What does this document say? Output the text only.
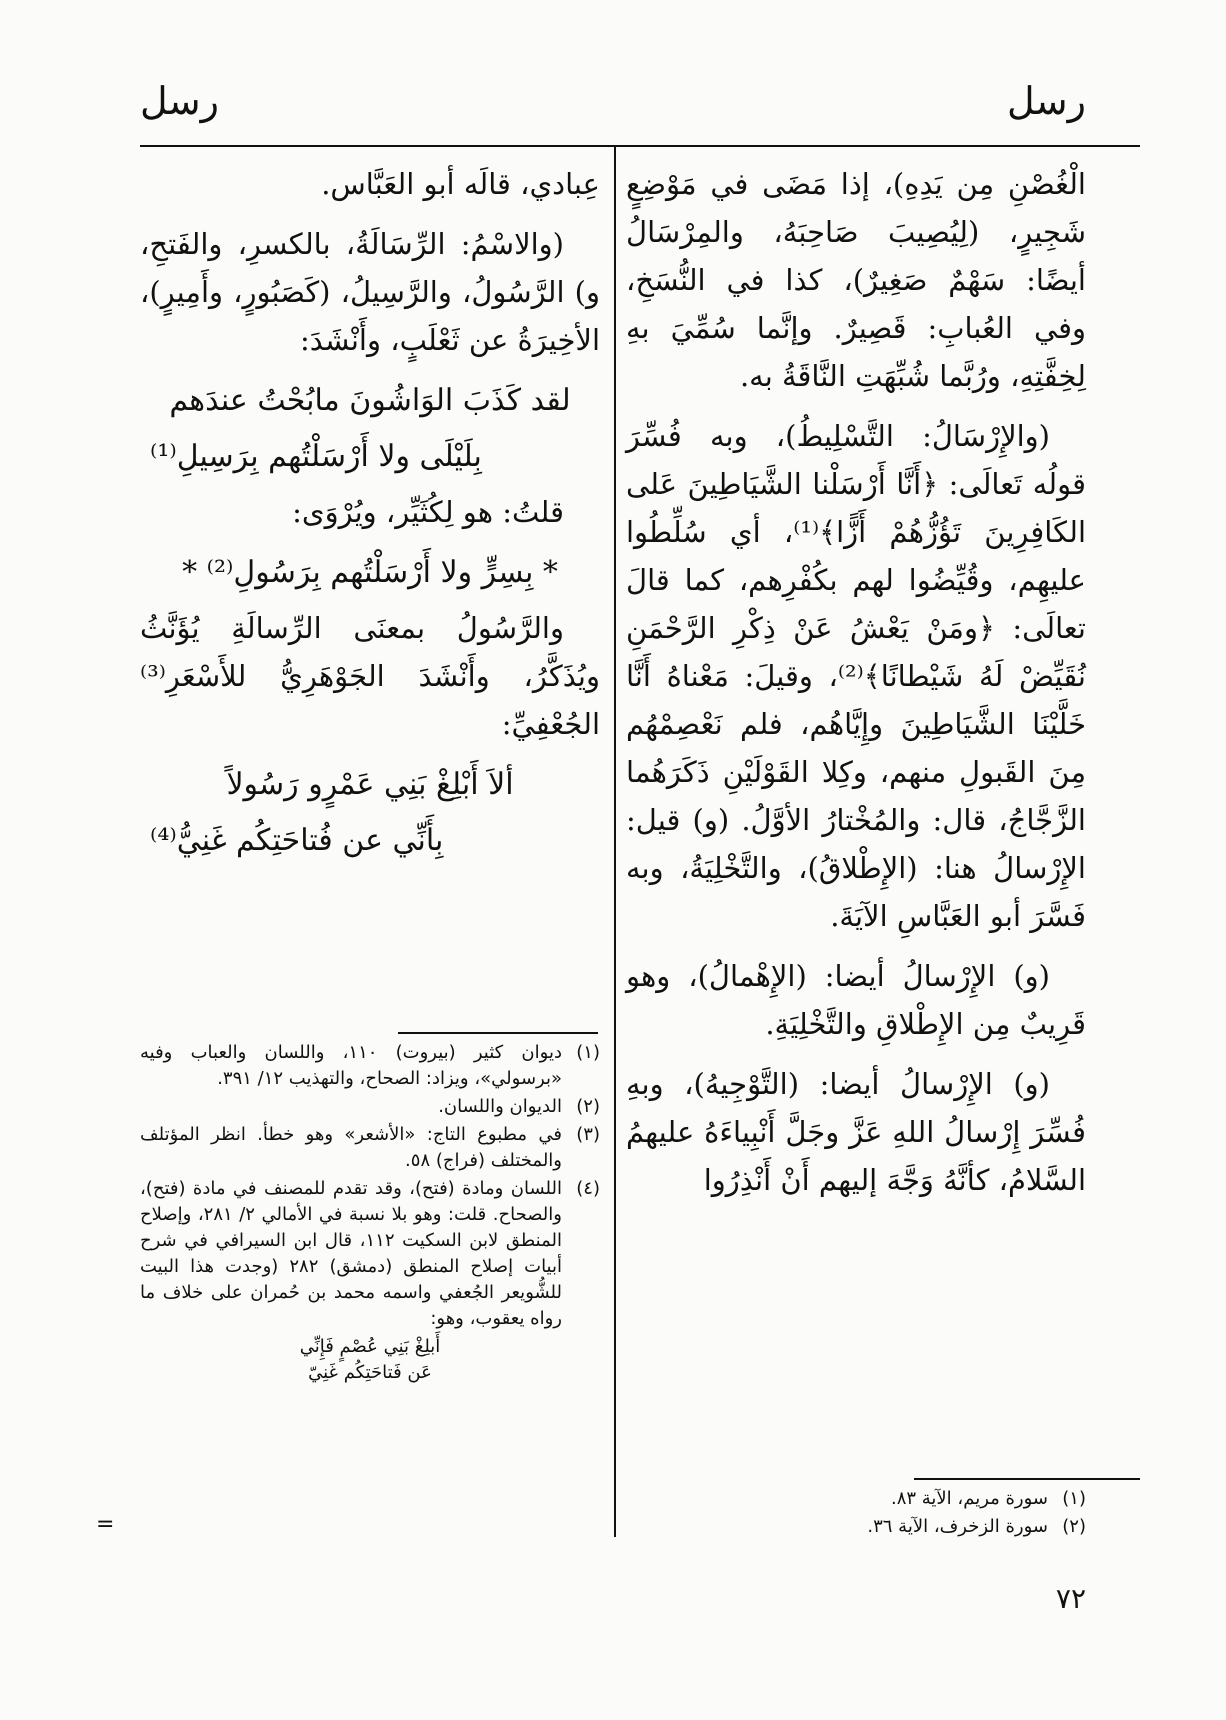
رسل
رسل

الْغُصْنِ مِن يَدِهِ)، إذا مَضَى في مَوْضِعٍ شَجِيرٍ، (لِيُصِيبَ صَاحِبَهُ، والمِرْسَالُ أيضًا: سَهْمٌ صَغِيرٌ)، كذا في النُّسَخِ، وفي العُبابِ: قَصِيرٌ. وإنَّما سُمِّيَ بهِ لِخِفَّتِهِ، ورُبَّما شُبِّهَتِ النَّاقَةُ به.

(والإِرْسَالُ: التَّسْلِيطُ)، وبه فُسِّرَ قولُه تَعالَى: ﴿أَنَّا أَرْسَلْنا الشَّيَاطِينَ عَلى الكَافِرِينَ تَؤُزُّهُمْ أَزًّا﴾⁽¹⁾، أي سُلِّطُوا عليهِم، وقُيِّضُوا لهم بكُفْرِهم، كما قالَ تعالَى: ﴿ومَنْ يَعْشُ عَنْ ذِكْرِ الرَّحْمَنِ نُقَيِّضْ لَهُ شَيْطانًا﴾⁽²⁾، وقيلَ: مَعْناهُ أَنَّا خَلَّيْنَا الشَّيَاطِينَ وإِيَّاهُم، فلم نَعْصِمْهُم مِنَ القَبولِ منهم، وكِلا القَوْلَيْنِ ذَكَرَهُما الزَّجَّاجُ، قال: والمُخْتارُ الأوَّلُ. (و) قيل: الإِرْسالُ هنا: (الإِطْلاقُ)، والتَّخْلِيَةُ، وبه فَسَّرَ أبو العَبَّاسِ الآيَةَ.

(و) الإِرْسالُ أيضا: (الإِهْمالُ)، وهو قَرِيبٌ مِن الإِطْلاقِ والتَّخْلِيَةِ.

(و) الإِرْسالُ أيضا: (التَّوْجِيهُ)، وبهِ فُسِّرَ إِرْسالُ اللهِ عَزَّ وجَلَّ أَنْبِياءَهُ عليهمُ السَّلامُ، كأنَّهُ وَجَّهَ إليهم أَنْ أَنْذِرُوا

عِبادي، قالَه أبو العَبَّاس.

(والاسْمُ: الرِّسَالَةُ، بالكسرِ، والفَتحِ، و) الرَّسُولُ، والرَّسِيلُ، (كَصَبُورٍ، وأَمِيرٍ)، الأخِيرَةُ عن ثَعْلَبٍ، وأَنْشَدَ:

لقد كَذَبَ الوَاشُونَ مابُحْتُ عندَهم
بِلَيْلَى ولا أَرْسَلْتُهم بِرَسِيلِ⁽¹⁾

قلتُ: هو لِكُثَيِّر، ويُرْوَى:

* بِسِرٍّ ولا أَرْسَلْتُهم بِرَسُولِ⁽²⁾ *

والرَّسُولُ بمعنَى الرِّسالَةِ يُؤَنَّثُ ويُذَكَّرُ، وأَنْشَدَ الجَوْهَرِيُّ للأَسْعَرِ⁽³⁾ الجُعْفِيِّ:

ألاَ أَبْلِغْ بَنِي عَمْرٍو رَسُولاً
بِأَنِّي عن فُتاحَتِكُم غَنِيُّ⁽⁴⁾
(١)
ديوان كثير (بيروت) ١١٠، واللسان والعباب وفيه «برسولي»، ويزاد: الصحاح، والتهذيب ١٢/ ٣٩١.
(٢)
الديوان واللسان.
(٣)
في مطبوع التاج: «الأشعر» وهو خطأ. انظر المؤتلف والمختلف (فراج) ٥٨.
(٤)
اللسان ومادة (فتح)، وقد تقدم للمصنف في مادة (فتح)، والصحاح. قلت: وهو بلا نسبة في الأمالي ٢/ ٢٨١، وإصلاح المنطق لابن السكيت ١١٢، قال ابن السيرافي في شرح أبيات إصلاح المنطق (دمشق) ٢٨٢ (وجدت هذا البيت للشُّويعر الجُعفي واسمه محمد بن حُمران على خلاف ما رواه يعقوب، وهو:
أَبلِغْ بَنِي عُصْمٍ فَإِنِّي
عَن فَتاحَتِكُم غَنِيّ
=
(١)
سورة مريم، الآية ٨٣.
(٢)
سورة الزخرف، الآية ٣٦.
٧٢
